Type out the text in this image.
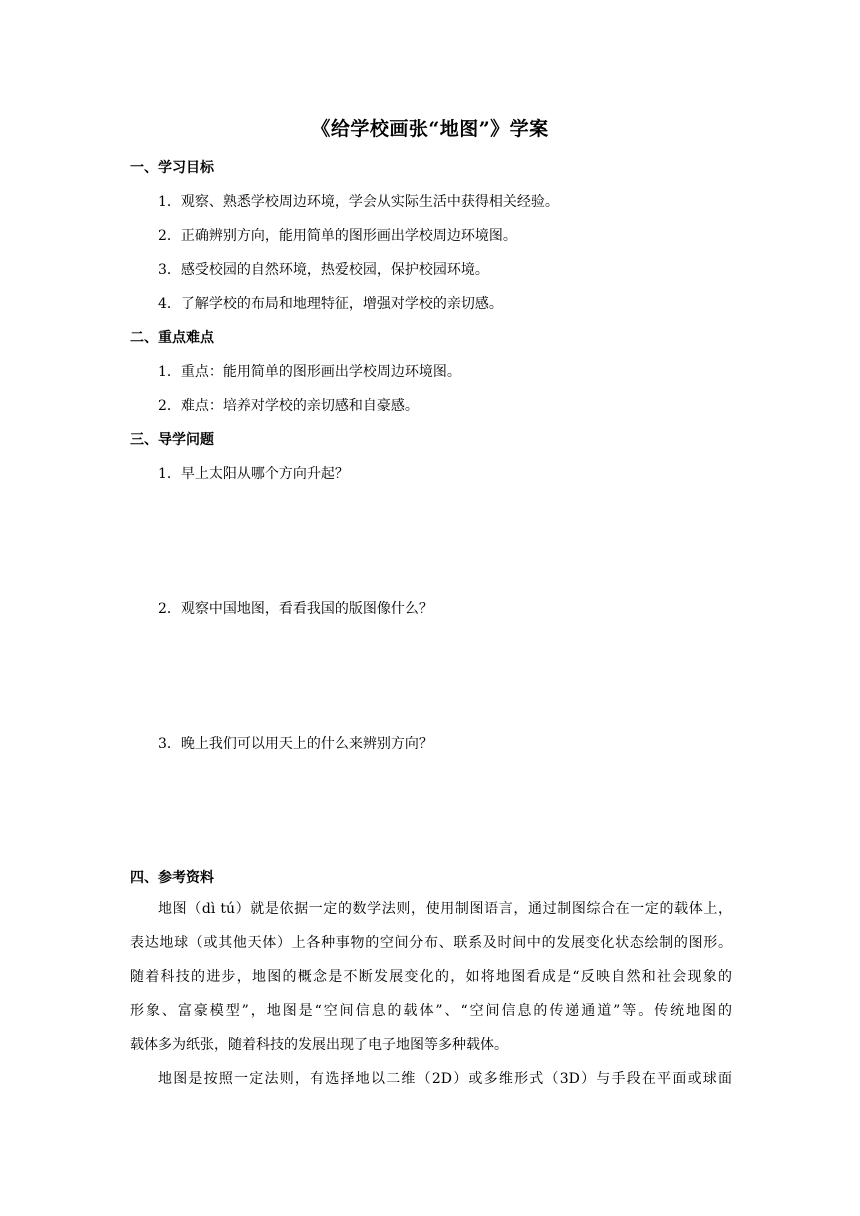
《给学校画张“地图”》学案
一、学习目标
1．观察、熟悉学校周边环境，学会从实际生活中获得相关经验。
2．正确辨别方向，能用简单的图形画出学校周边环境图。
3．感受校园的自然环境，热爱校园，保护校园环境。
4．了解学校的布局和地理特征，增强对学校的亲切感。
二、重点难点
1．重点：能用简单的图形画出学校周边环境图。
2．难点：培养对学校的亲切感和自豪感。
三、导学问题
1．早上太阳从哪个方向升起？
2．观察中国地图，看看我国的版图像什么？
3．晚上我们可以用天上的什么来辨别方向？
四、参考资料
地图（dì tú）就是依据一定的数学法则，使用制图语言，通过制图综合在一定的载体上，
表达地球（或其他天体）上各种事物的空间分布、联系及时间中的发展变化状态绘制的图形。
随着科技的进步，地图的概念是不断发展变化的，如将地图看成是“反映自然和社会现象的
形象、富豪模型”，地图是“空间信息的载体”、“空间信息的传递通道”等。传统地图的
载体多为纸张，随着科技的发展出现了电子地图等多种载体。
地图是按照一定法则，有选择地以二维（2D）或多维形式（3D）与手段在平面或球面
